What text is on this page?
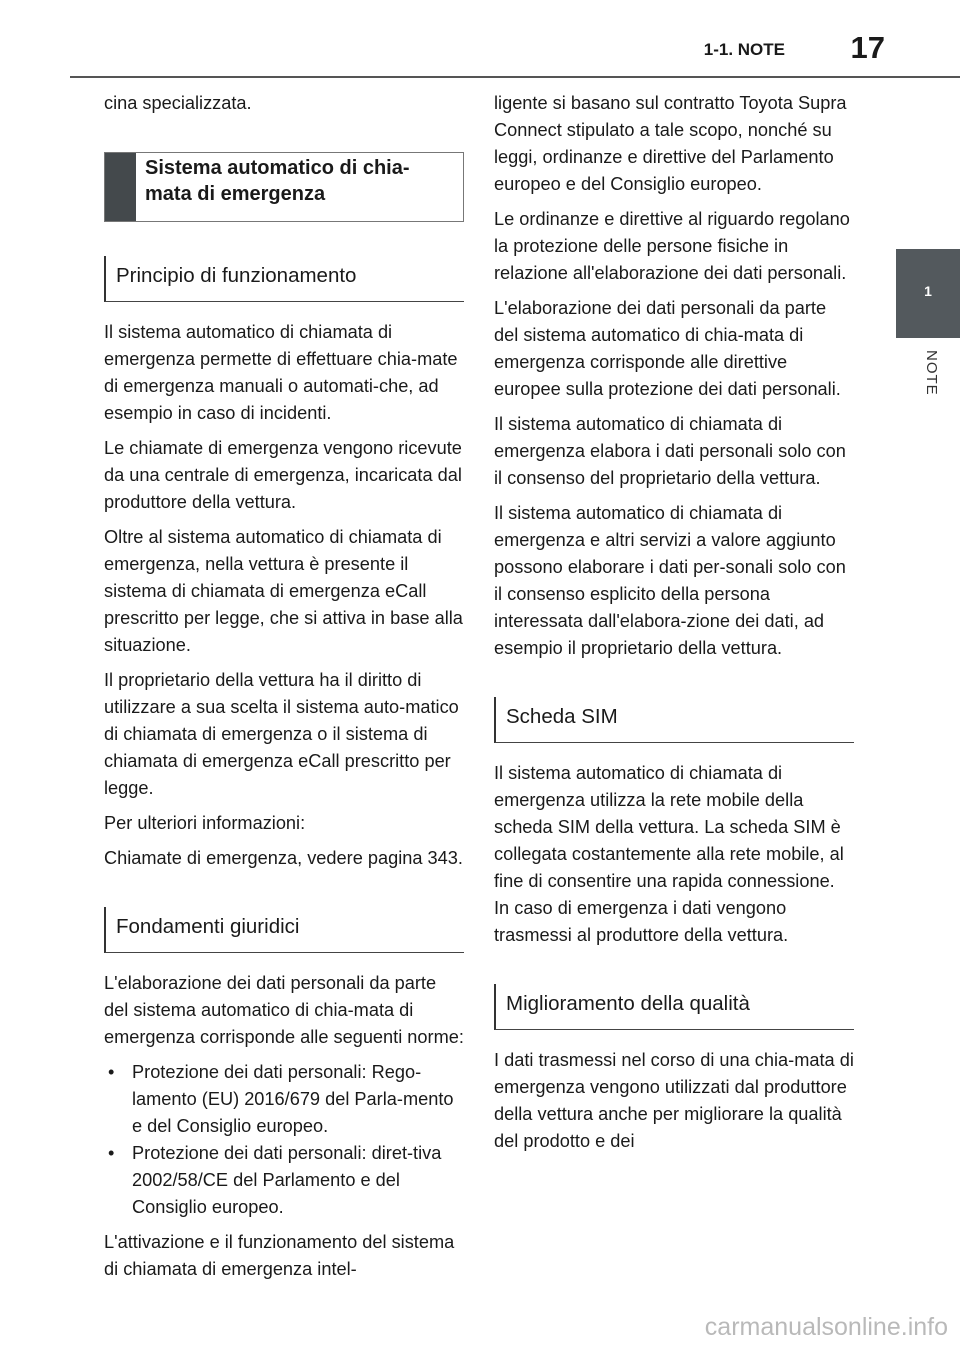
1-1. NOTE 17
1
NOTE

cina specializzata.

Sistema automatico di chia-
mata di emergenza
Principio di funzionamento

Il sistema automatico di chiamata di emergenza permette di effettuare chia-mate di emergenza manuali o automati-che, ad esempio in caso di incidenti.

Le chiamate di emergenza vengono ricevute da una centrale di emergenza, incaricata dal produttore della vettura.

Oltre al sistema automatico di chiamata di emergenza, nella vettura è presente il sistema di chiamata di emergenza eCall prescritto per legge, che si attiva in base alla situazione.

Il proprietario della vettura ha il diritto di utilizzare a sua scelta il sistema auto-matico di chiamata di emergenza o il sistema di chiamata di emergenza eCall prescritto per legge.

Per ulteriori informazioni:

Chiamate di emergenza, vedere pagina 343.

Fondamenti giuridici

L'elaborazione dei dati personali da parte del sistema automatico di chia-mata di emergenza corrisponde alle seguenti norme:

• Protezione dei dati personali: Rego-lamento (EU) 2016/679 del Parla-mento e del Consiglio europeo.
• Protezione dei dati personali: diret-tiva 2002/58/CE del Parlamento e del Consiglio europeo.

L'attivazione e il funzionamento del sistema di chiamata di emergenza intel-

ligente si basano sul contratto Toyota Supra Connect stipulato a tale scopo, nonché su leggi, ordinanze e direttive del Parlamento europeo e del Consiglio europeo.

Le ordinanze e direttive al riguardo regolano la protezione delle persone fisiche in relazione all'elaborazione dei dati personali.

L'elaborazione dei dati personali da parte del sistema automatico di chia-mata di emergenza corrisponde alle direttive europee sulla protezione dei dati personali.

Il sistema automatico di chiamata di emergenza elabora i dati personali solo con il consenso del proprietario della vettura.

Il sistema automatico di chiamata di emergenza e altri servizi a valore aggiunto possono elaborare i dati per-sonali solo con il consenso esplicito della persona interessata dall'elabora-zione dei dati, ad esempio il proprietario della vettura.

Scheda SIM

Il sistema automatico di chiamata di emergenza utilizza la rete mobile della scheda SIM della vettura. La scheda SIM è collegata costantemente alla rete mobile, al fine di consentire una rapida connessione. In caso di emergenza i dati vengono trasmessi al produttore della vettura.

Miglioramento della qualità

I dati trasmessi nel corso di una chia-mata di emergenza vengono utilizzati dal produttore della vettura anche per migliorare la qualità del prodotto e dei

carmanualsonline.info
